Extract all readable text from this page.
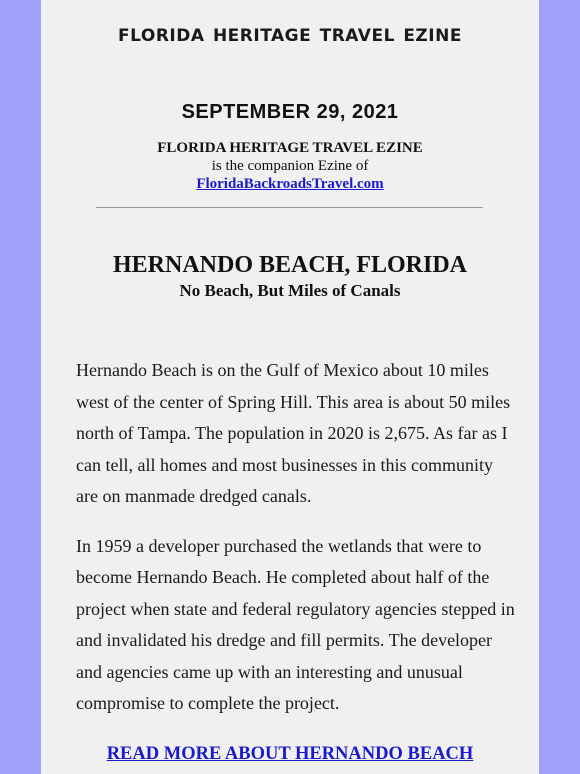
FLORIDA HERITAGE TRAVEL EZINE
SEPTEMBER 29, 2021
FLORIDA HERITAGE TRAVEL EZINE
is the companion Ezine of
FloridaBackroadsTravel.com
HERNANDO BEACH, FLORIDA
No Beach, But Miles of Canals

Hernando Beach is on the Gulf of Mexico about 10 miles west of the center of Spring Hill. This area is about 50 miles north of Tampa. The population in 2020 is 2,675. As far as I can tell, all homes and most businesses in this community are on manmade dredged canals.

In 1959 a developer purchased the wetlands that were to become Hernando Beach. He completed about half of the project when state and federal regulatory agencies stepped in and invalidated his dredge and fill permits. The developer and agencies came up with an interesting and unusual compromise to complete the project.

READ MORE ABOUT HERNANDO BEACH
